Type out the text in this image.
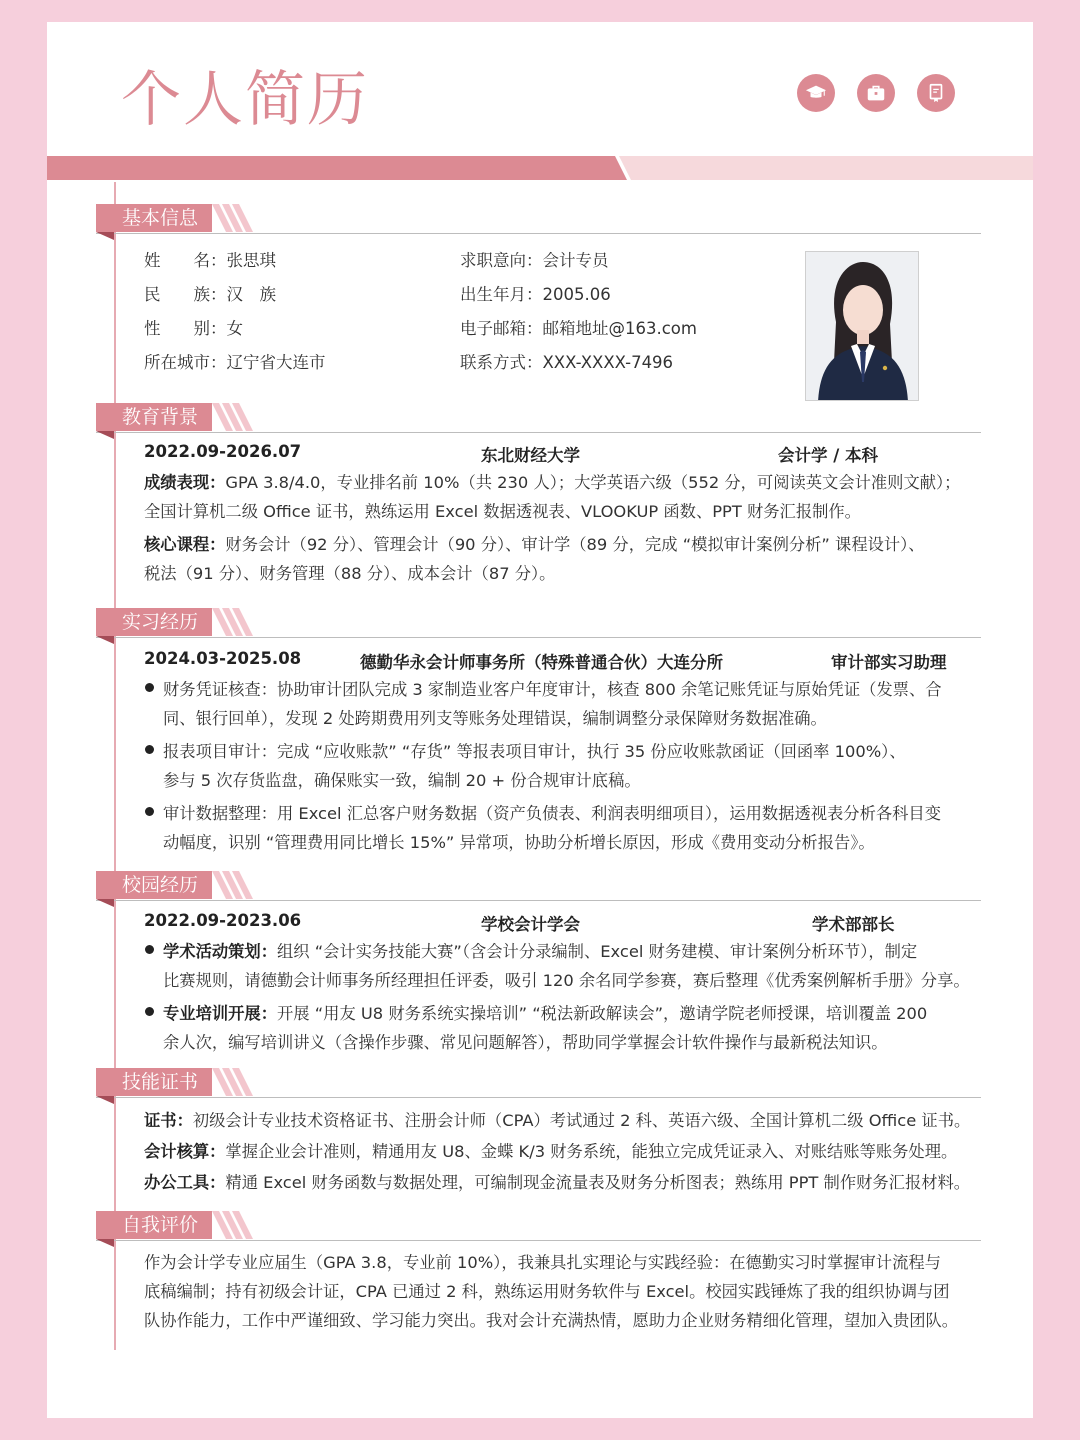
个人简历
基本信息
姓　　名：张思琪
民　　族：汉　族
性　　别：女
所在城市：辽宁省大连市
求职意向：会计专员
出生年月：2005.06
电子邮箱：邮箱地址@163.com
联系方式：XXX-XXXX-7496
教育背景
2022.09-2026.07	东北财经大学	会计学 / 本科
成绩表现：GPA 3.8/4.0，专业排名前 10%（共 230 人）；大学英语六级（552 分，可阅读英文会计准则文献）；
全国计算机二级 Office 证书，熟练运用 Excel 数据透视表、VLOOKUP 函数、PPT 财务汇报制作。
核心课程：财务会计（92 分）、管理会计（90 分）、审计学（89 分，完成 “模拟审计案例分析” 课程设计）、
税法（91 分）、财务管理（88 分）、成本会计（87 分）。
实习经历
2024.03-2025.08	德勤华永会计师事务所（特殊普通合伙）大连分所	审计部实习助理
财务凭证核查：协助审计团队完成 3 家制造业客户年度审计，核查 800 余笔记账凭证与原始凭证（发票、合
同、银行回单），发现 2 处跨期费用列支等账务处理错误，编制调整分录保障财务数据准确。
报表项目审计：完成 “应收账款” “存货” 等报表项目审计，执行 35 份应收账款函证（回函率 100%）、
参与 5 次存货监盘，确保账实一致，编制 20 + 份合规审计底稿。
审计数据整理：用 Excel 汇总客户财务数据（资产负债表、利润表明细项目），运用数据透视表分析各科目变
动幅度，识别 “管理费用同比增长 15%” 异常项，协助分析增长原因，形成《费用变动分析报告》。
校园经历
2022.09-2023.06	学校会计学会	学术部部长
学术活动策划：组织 “会计实务技能大赛”（含会计分录编制、Excel 财务建模、审计案例分析环节），制定
比赛规则，请德勤会计师事务所经理担任评委，吸引 120 余名同学参赛，赛后整理《优秀案例解析手册》分享。
专业培训开展：开展 “用友 U8 财务系统实操培训” “税法新政解读会”，邀请学院老师授课，培训覆盖 200
余人次，编写培训讲义（含操作步骤、常见问题解答），帮助同学掌握会计软件操作与最新税法知识。
技能证书
证书：初级会计专业技术资格证书、注册会计师（CPA）考试通过 2 科、英语六级、全国计算机二级 Office 证书。
会计核算：掌握企业会计准则，精通用友 U8、金蝶 K/3 财务系统，能独立完成凭证录入、对账结账等账务处理。
办公工具：精通 Excel 财务函数与数据处理，可编制现金流量表及财务分析图表；熟练用 PPT 制作财务汇报材料。
自我评价
作为会计学专业应届生（GPA 3.8，专业前 10%），我兼具扎实理论与实践经验：在德勤实习时掌握审计流程与
底稿编制；持有初级会计证，CPA 已通过 2 科，熟练运用财务软件与 Excel。校园实践锤炼了我的组织协调与团
队协作能力，工作中严谨细致、学习能力突出。我对会计充满热情，愿助力企业财务精细化管理，望加入贵团队。
